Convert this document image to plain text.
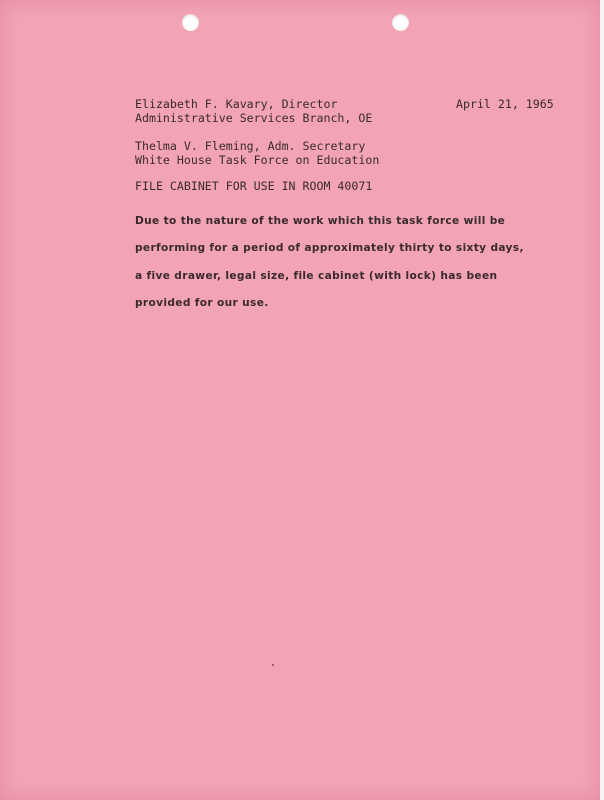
Elizabeth F. Kavary, Director	April 21, 1965
Administrative Services Branch, OE
Thelma V. Fleming, Adm. Secretary
White House Task Force on Education
FILE CABINET FOR USE IN ROOM 40071
Due to the nature of the work which this task force will be
performing for a period of approximately thirty to sixty days,
a five drawer, legal size, file cabinet (with lock) has been
provided for our use.
